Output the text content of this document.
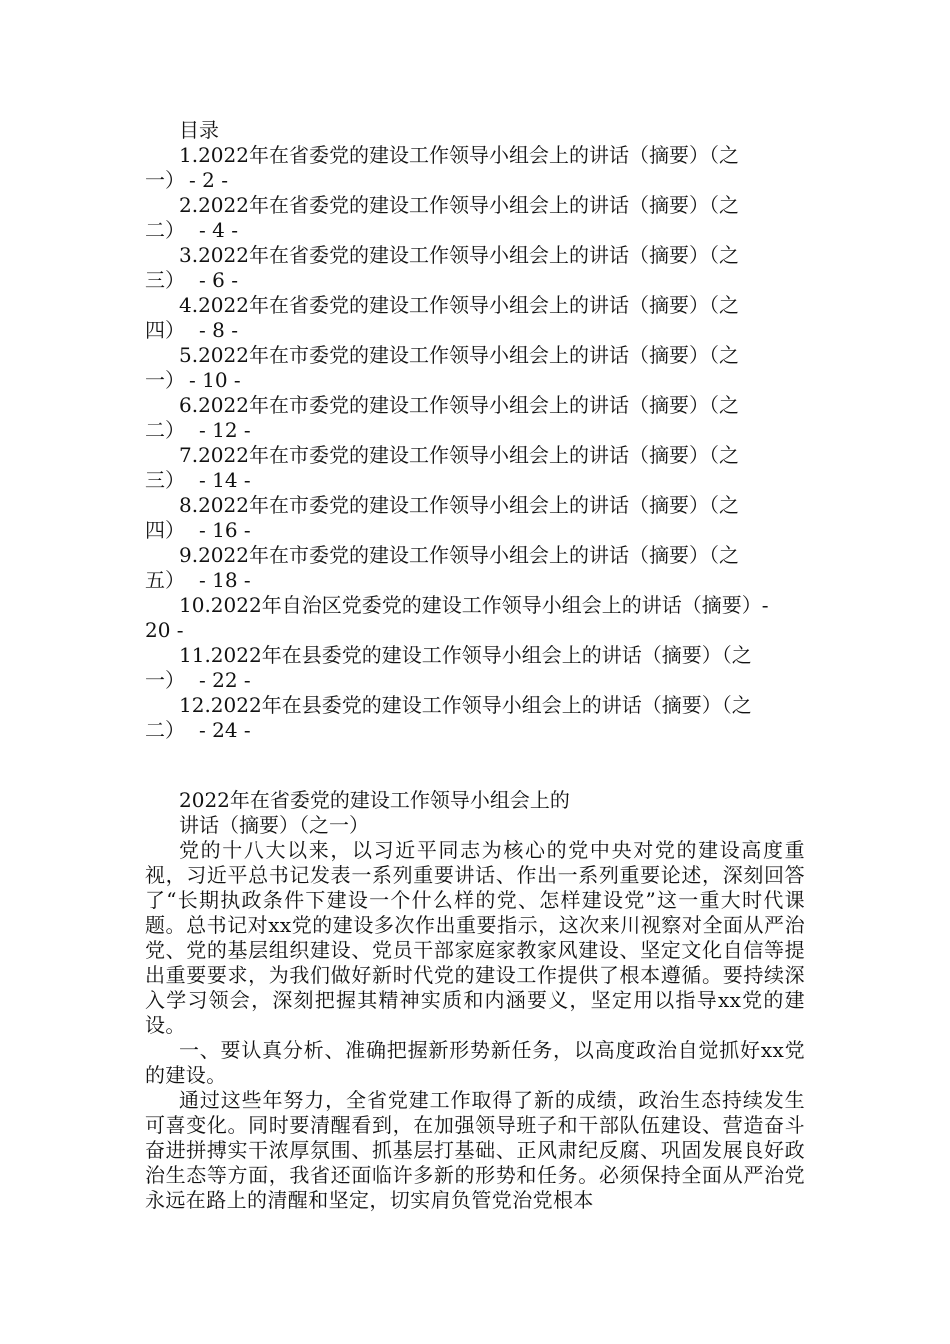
目录

1.2022年在省委党的建设工作领导小组会上的讲话（摘要）（之
一） - 2 -
2.2022年在省委党的建设工作领导小组会上的讲话（摘要）（之
二）　- 4 -
3.2022年在省委党的建设工作领导小组会上的讲话（摘要）（之
三）　- 6 -
4.2022年在省委党的建设工作领导小组会上的讲话（摘要）（之
四）　- 8 -
5.2022年在市委党的建设工作领导小组会上的讲话（摘要）（之
一） - 10 -
6.2022年在市委党的建设工作领导小组会上的讲话（摘要）（之
二）　- 12 -
7.2022年在市委党的建设工作领导小组会上的讲话（摘要）（之
三）　- 14 -
8.2022年在市委党的建设工作领导小组会上的讲话（摘要）（之
四）　- 16 -
9.2022年在市委党的建设工作领导小组会上的讲话（摘要）（之
五）　- 18 -
10.2022年自治区党委党的建设工作领导小组会上的讲话（摘要）-
20 -
11.2022年在县委党的建设工作领导小组会上的讲话（摘要）（之
一）　- 22 -
12.2022年在县委党的建设工作领导小组会上的讲话（摘要）（之
二）　- 24 -

2022年在省委党的建设工作领导小组会上的

讲话（摘要）（之一）

党的十八大以来，以习近平同志为核心的党中央对党的建设高度重视，习近平总书记发表一系列重要讲话、作出一系列重要论述，深刻回答了“长期执政条件下建设一个什么样的党、怎样建设党”这一重大时代课题。总书记对xx党的建设多次作出重要指示，这次来川视察对全面从严治党、党的基层组织建设、党员干部家庭家教家风建设、坚定文化自信等提出重要要求，为我们做好新时代党的建设工作提供了根本遵循。要持续深入学习领会，深刻把握其精神实质和内涵要义，坚定用以指导xx党的建设。

一、要认真分析、准确把握新形势新任务，以高度政治自觉抓好xx党的建设。

通过这些年努力，全省党建工作取得了新的成绩，政治生态持续发生可喜变化。同时要清醒看到，在加强领导班子和干部队伍建设、营造奋斗奋进拼搏实干浓厚氛围、抓基层打基础、正风肃纪反腐、巩固发展良好政治生态等方面，我省还面临许多新的形势和任务。必须保持全面从严治党永远在路上的清醒和坚定，切实肩负管党治党根本
